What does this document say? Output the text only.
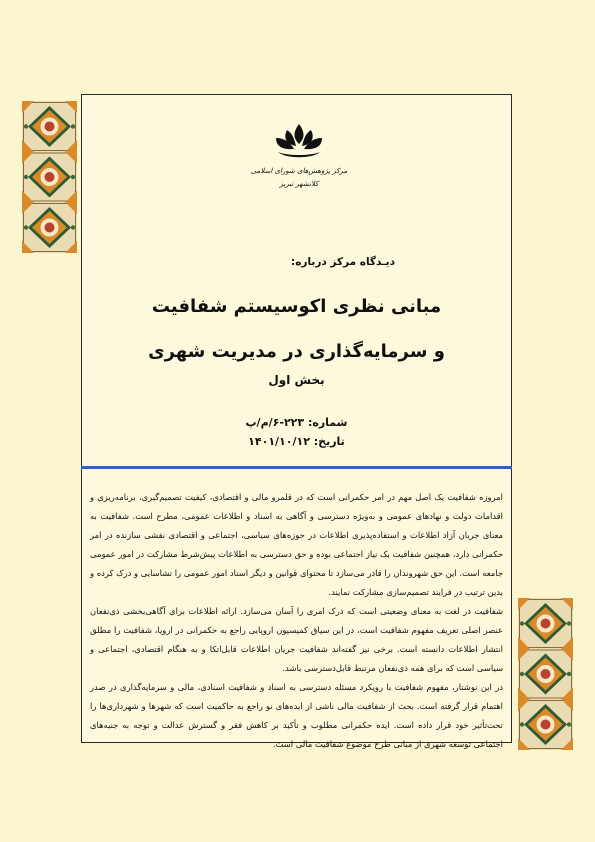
مرکز پژوهش‌های شورای اسلامی
کلانشهر تبریز
دیـدگاه مرکز درباره:
مبانی نظری اکوسیستم شفافیت
و سرمایه‌گذاری در مدیریت شهری
بخش اول
شماره: ۲۲۳-۶/م/پ
تاریخ: ۱۴۰۱/۱۰/۱۲

امروزه شفافیت یک اصل مهم در امر حکمرانی است که در قلمرو مالی و اقتصادی، کیفیت تصمیم‌گیری، برنامه‌ریزی و اقدامات دولت و نهادهای عمومی و به‌ویژه دسترسی و آگاهی به اسناد و اطلاعات عمومی، مطرح است. شفافیت به معنای جریان آزاد اطلاعات و استفاده‌پذیری اطلاعات در حوزه‌های سیاسی، اجتماعی و اقتصادی نقشی سازنده در امر حکمرانی دارد، همچنین شفافیت یک نیاز اجتماعی بوده و حق دسترسی به اطلاعات پیش‌شرط مشارکت در امور عمومی جامعه است. این حق شهروندان را قادر می‌سازد تا محتوای قوانین و دیگر اسناد امور عمومی را تشاسایی و درک کرده و بدین ترتیب در فرایند تصمیم‌سازی مشارکت نمایند.

شفافیت در لغت به معنای وضعیتی است که درک امری را آسان می‌سازد. ارائه اطلاعات برای آگاهی‌بخشی ذی‌نفعان عنصر اصلی تعریف مفهوم شفافیت است، در این سیاق کمیسیون اروپایی راجع به حکمرانی در اروپا، شفافیت را مطلق انتشار اطلاعات دانسته است. برخی نیز گفته‌اند شفافیت جریان اطلاعات قابل‌اتکا و به هنگام اقتصادی، اجتماعی و سیاسی است که برای همه ذی‌نفعان مرتبط قابل‌دسترسی باشد.

در این نوشتار، مفهوم شفافیت با رویکرد مسئله دسترسی به اسناد و شفافیت اسنادی، مالی و سرمایه‌گذاری در صدر اهتمام قرار گرفته است. بحث از شفافیت مالی ناشی از ایده‌های نو راجع به حاکمیت است که شهرها و شهرداری‌ها را تحت‌تأثیر خود قرار داده است. ایده حکمرانی مطلوب و تأکید بر کاهش فقر و گسترش عدالت و توجه به جنبه‌های اجتماعی توسعه شهری از مبانی طرح موضوع شفافیت مالی است.
